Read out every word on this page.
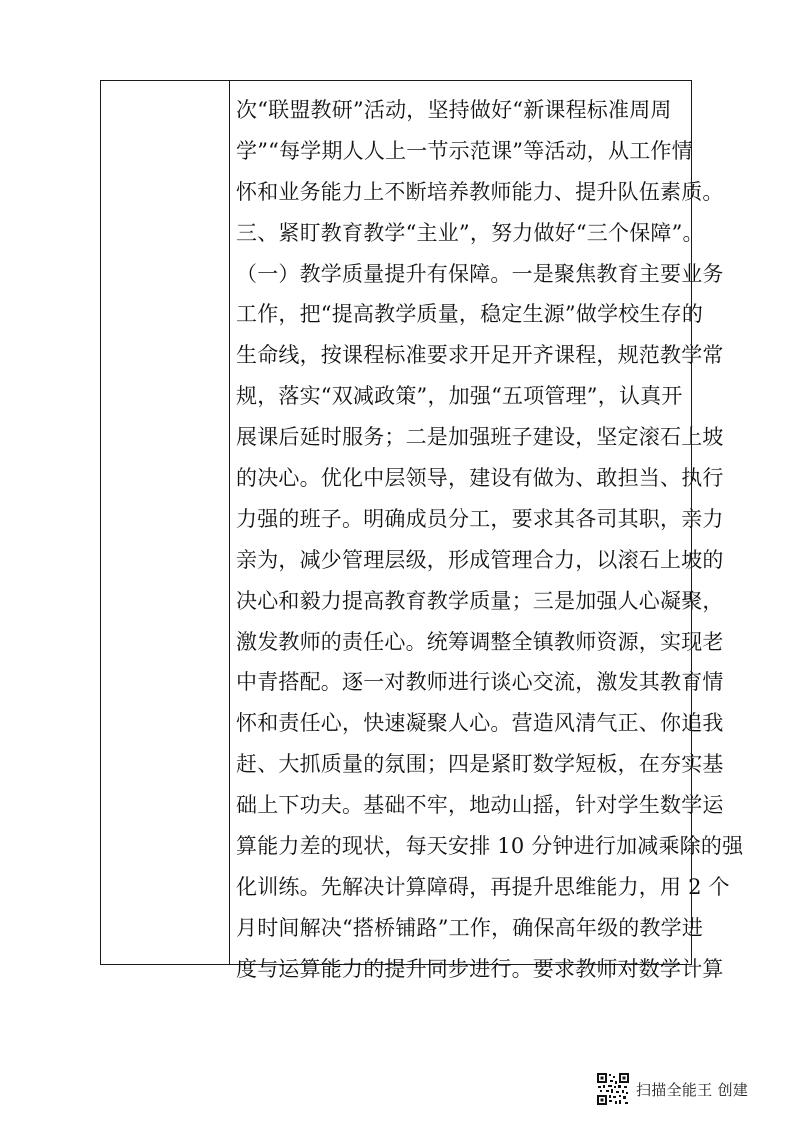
次“联盟教研”活动，坚持做好“新课程标准周周
学”“每学期人人上一节示范课”等活动，从工作情
怀和业务能力上不断培养教师能力、提升队伍素质。
三、紧盯教育教学“主业”，努力做好“三个保障”。
（一）教学质量提升有保障。一是聚焦教育主要业务
工作，把“提高教学质量，稳定生源”做学校生存的
生命线，按课程标准要求开足开齐课程，规范教学常
规，落实“双减政策”，加强“五项管理”，认真开
展课后延时服务；二是加强班子建设，坚定滚石上坡
的决心。优化中层领导，建设有做为、敢担当、执行
力强的班子。明确成员分工，要求其各司其职，亲力
亲为，减少管理层级，形成管理合力，以滚石上坡的
决心和毅力提高教育教学质量；三是加强人心凝聚，
激发教师的责任心。统筹调整全镇教师资源，实现老
中青搭配。逐一对教师进行谈心交流，激发其教育情
怀和责任心，快速凝聚人心。营造风清气正、你追我
赶、大抓质量的氛围；四是紧盯数学短板，在夯实基
础上下功夫。基础不牢，地动山摇，针对学生数学运
算能力差的现状，每天安排 10 分钟进行加减乘除的强
化训练。先解决计算障碍，再提升思维能力，用 2 个
月时间解决“搭桥铺路”工作，确保高年级的教学进
度与运算能力的提升同步进行。要求教师对数学计算
扫描全能王 创建
